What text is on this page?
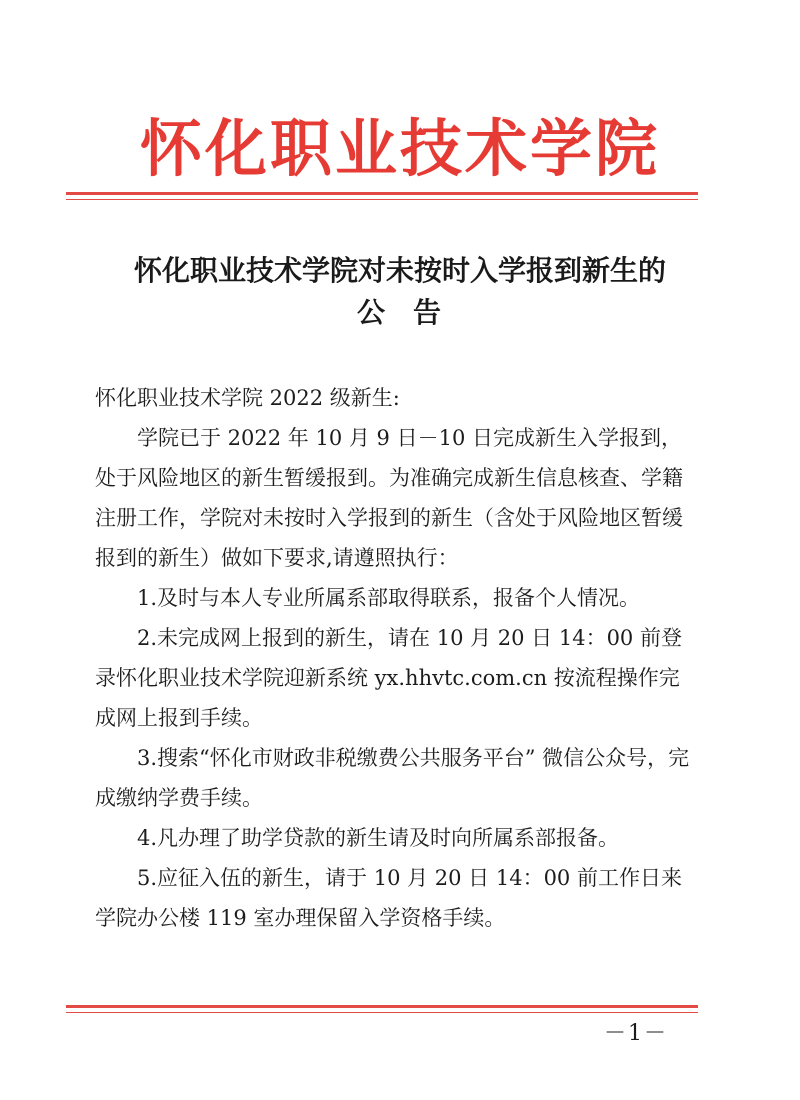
怀化职业技术学院
怀化职业技术学院对未按时入学报到新生的
公告

怀化职业技术学院 2022 级新生:

学院已于 2022 年 10 月 9 日－10 日完成新生入学报到，处于风险地区的新生暂缓报到。为准确完成新生信息核查、学籍注册工作，学院对未按时入学报到的新生（含处于风险地区暂缓报到的新生）做如下要求,请遵照执行：

1.及时与本人专业所属系部取得联系，报备个人情况。

2.未完成网上报到的新生，请在 10 月 20 日 14：00 前登录怀化职业技术学院迎新系统 yx.hhvtc.com.cn 按流程操作完成网上报到手续。

3.搜索“怀化市财政非税缴费公共服务平台” 微信公众号，完成缴纳学费手续。

4.凡办理了助学贷款的新生请及时向所属系部报备。

5.应征入伍的新生，请于 10 月 20 日 14：00 前工作日来学院办公楼 119 室办理保留入学资格手续。

－1－
